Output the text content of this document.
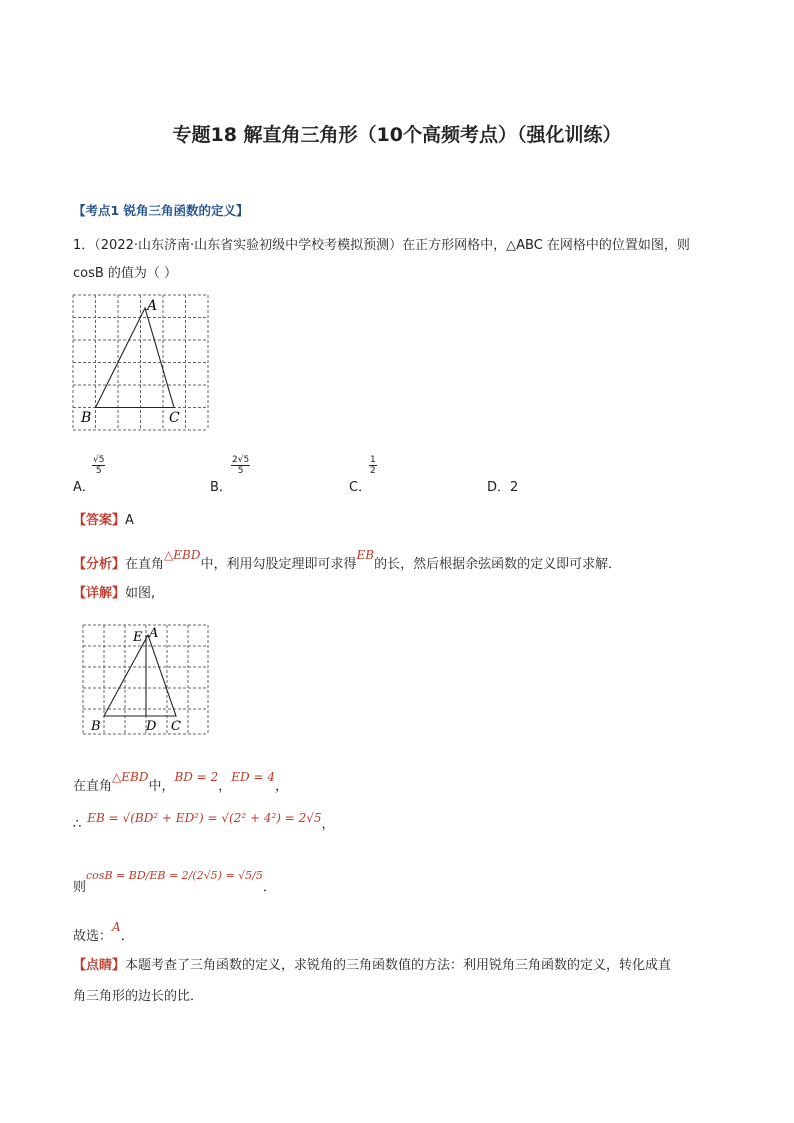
专题18 解直角三角形（10个高频考点）（强化训练）
【考点1 锐角三角函数的定义】
1．（2022·山东济南·山东省实验初级中学校考模拟预测）在正方形网格中，△ABC 在网格中的位置如图，则
cosB 的值为（ ）
A
B	C
A．
$\frac{√5}{5}$
B．
$\frac{2√5}{5}$
C．
$\frac{1}{2}$
D．2
【答案】A
【分析】在直角△EBD中，利用勾股定理即可求得EB的长，然后根据余弦函数的定义即可求解．
【详解】如图,
E A
B	D C
在直角△EBD中，BD = 2，ED = 4，
∴ EB = √(BD² + ED²) = √(2² + 4²) = 2√5，
则$^{cosB = BD/EB = 2/(2√5) = √5/5}$．
故选：A．
【点睛】本题考查了三角函数的定义，求锐角的三角函数值的方法：利用锐角三角函数的定义，转化成直
角三角形的边长的比．
